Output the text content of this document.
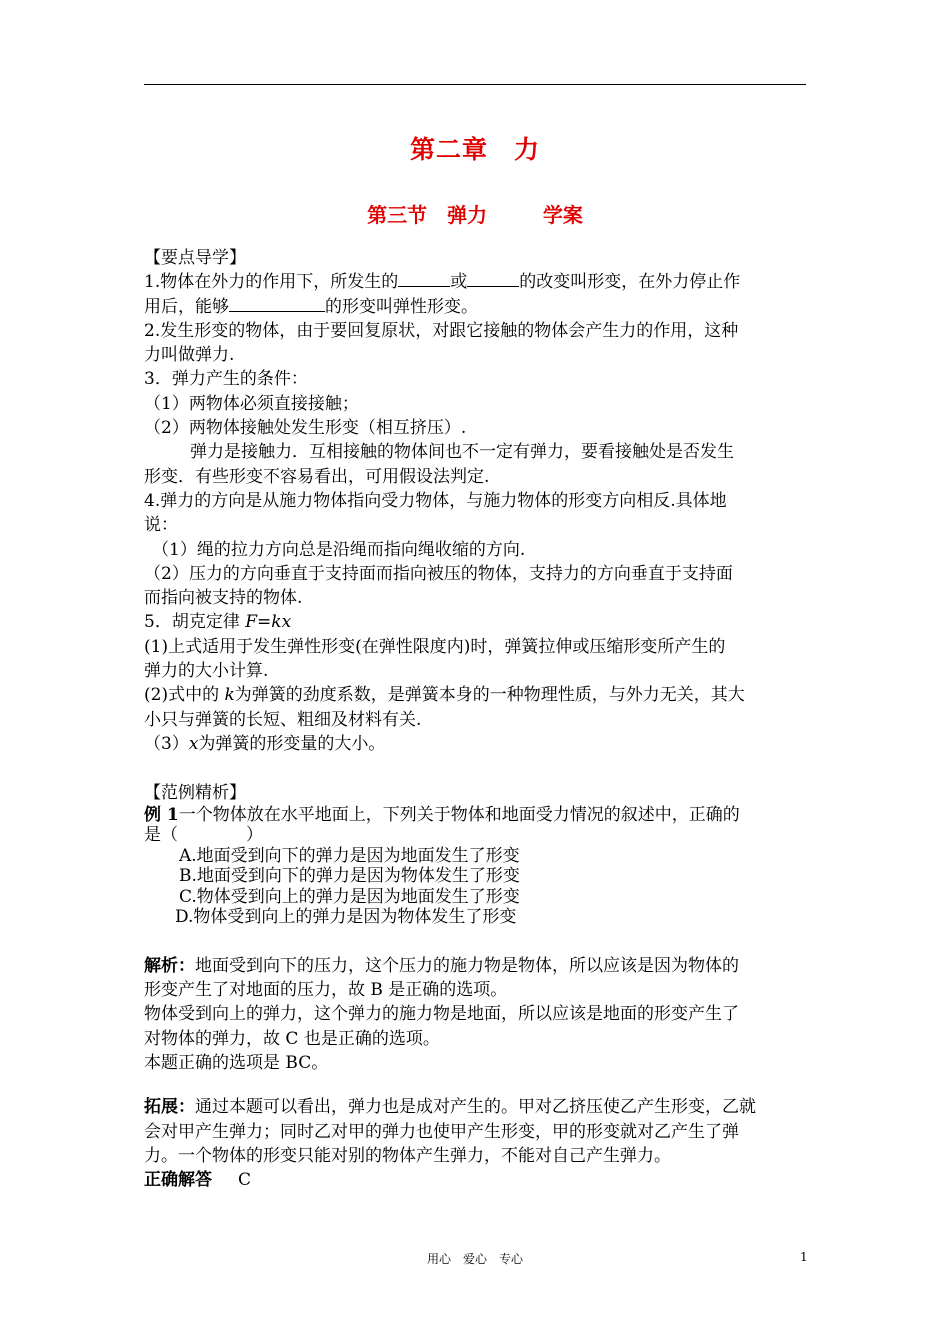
第二章　力
第三节　弹力	学案
【要点导学】
1.物体在外力的作用下，所发生的	或	的改变叫形变，在外力停止作
用后，能够	的形变叫弹性形变。
2.发生形变的物体，由于要回复原状，对跟它接触的物体会产生力的作用，这种
力叫做弹力.
3．弹力产生的条件：
（1）两物体必须直接接触；
（2）两物体接触处发生形变（相互挤压）.
弹力是接触力．互相接触的物体间也不一定有弹力，要看接触处是否发生
形变．有些形变不容易看出，可用假设法判定.
4.弹力的方向是从施力物体指向受力物体，与施力物体的形变方向相反.具体地
说：
（1）绳的拉力方向总是沿绳而指向绳收缩的方向.
（2）压力的方向垂直于支持面而指向被压的物体，支持力的方向垂直于支持面
而指向被支持的物体.
5．胡克定律 F=kx
(1)上式适用于发生弹性形变(在弹性限度内)时，弹簧拉伸或压缩形变所产生的
弹力的大小计算.
(2)式中的 k为弹簧的劲度系数，是弹簧本身的一种物理性质，与外力无关，其大
小只与弹簧的长短、粗细及材料有关.
（3）x为弹簧的形变量的大小。
【范例精析】
例 1一个物体放在水平地面上，下列关于物体和地面受力情况的叙述中，正确的
是（　　　　）
A.地面受到向下的弹力是因为地面发生了形变
B.地面受到向下的弹力是因为物体发生了形变
C.物体受到向上的弹力是因为地面发生了形变
D.物体受到向上的弹力是因为物体发生了形变
解析：地面受到向下的压力，这个压力的施力物是物体，所以应该是因为物体的
形变产生了对地面的压力，故 B 是正确的选项。
物体受到向上的弹力，这个弹力的施力物是地面，所以应该是地面的形变产生了
对物体的弹力，故 C 也是正确的选项。
本题正确的选项是 BC。
拓展：通过本题可以看出，弹力也是成对产生的。甲对乙挤压使乙产生形变，乙就
会对甲产生弹力；同时乙对甲的弹力也使甲产生形变，甲的形变就对乙产生了弹
力。一个物体的形变只能对别的物体产生弹力，不能对自己产生弹力。
正确解答 C
用心　爱心　专心	1
